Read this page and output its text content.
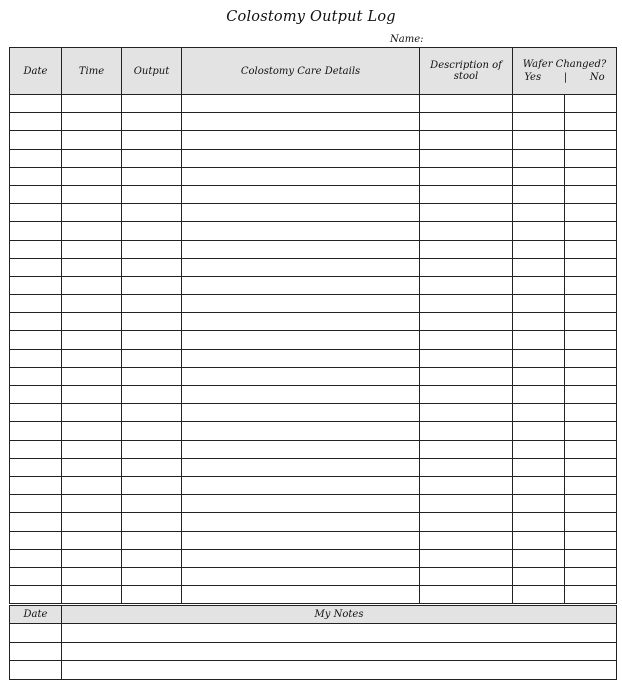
Colostomy Output Log
Name:
Date	Time	Output	Colostomy Care Details	Description of stool	Wafer Changed?
Yes | No	

Date	My Notes
